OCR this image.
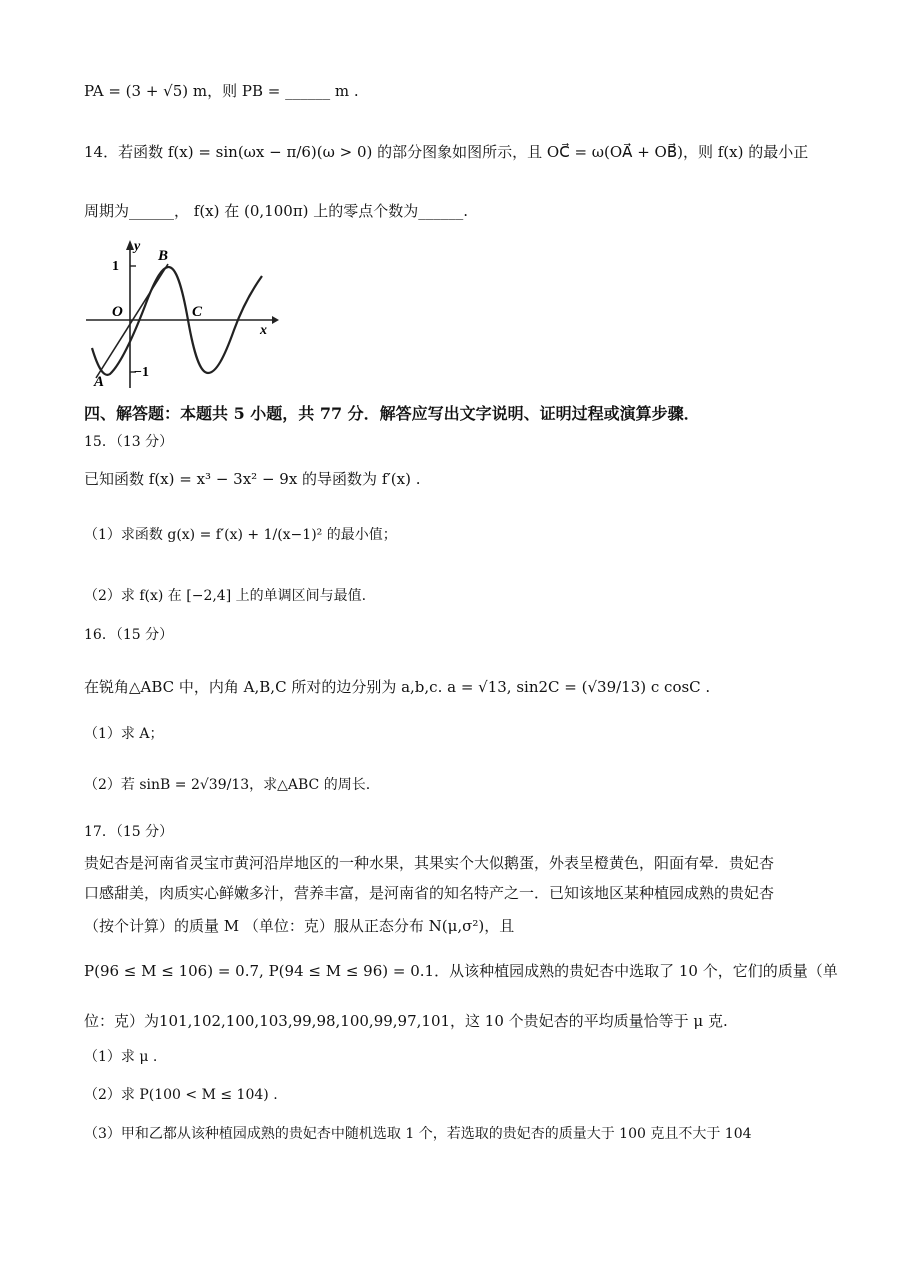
PA = (3 + √5) m，则 PB = ______ m .
14．若函数 f(x) = sin(ωx − π/6)(ω > 0) 的部分图象如图所示，且 OC⃗ = ω(OA⃗ + OB⃗)，则 f(x) 的最小正
周期为______， f(x) 在 (0,100π) 上的零点个数为______.
y
x
1
−1
O
A
B
C
四、解答题：本题共 5 小题，共 77 分．解答应写出文字说明、证明过程或演算步骤．
15．（13 分）
已知函数 f(x) = x³ − 3x² − 9x 的导函数为 f′(x) .
（1）求函数 g(x) = f′(x) + 1/(x−1)² 的最小值；
（2）求 f(x) 在 [−2,4] 上的单调区间与最值.
16．（15 分）
在锐角△ABC 中，内角 A,B,C 所对的边分别为 a,b,c. a = √13, sin2C = (√39/13) c cosC .
（1）求 A；
（2）若 sinB = 2√39/13，求△ABC 的周长.
17．（15 分）
贵妃杏是河南省灵宝市黄河沿岸地区的一种水果，其果实个大似鹅蛋，外表呈橙黄色，阳面有晕．贵妃杏
口感甜美，肉质实心鲜嫩多汁，营养丰富，是河南省的知名特产之一．已知该地区某种植园成熟的贵妃杏
（按个计算）的质量 M （单位：克）服从正态分布 N(μ,σ²)，且
P(96 ≤ M ≤ 106) = 0.7, P(94 ≤ M ≤ 96) = 0.1．从该种植园成熟的贵妃杏中选取了 10 个，它们的质量（单
位：克）为101,102,100,103,99,98,100,99,97,101，这 10 个贵妃杏的平均质量恰等于 μ 克.
（1）求 μ .
（2）求 P(100 < M ≤ 104) .
（3）甲和乙都从该种植园成熟的贵妃杏中随机选取 1 个，若选取的贵妃杏的质量大于 100 克且不大于 104
